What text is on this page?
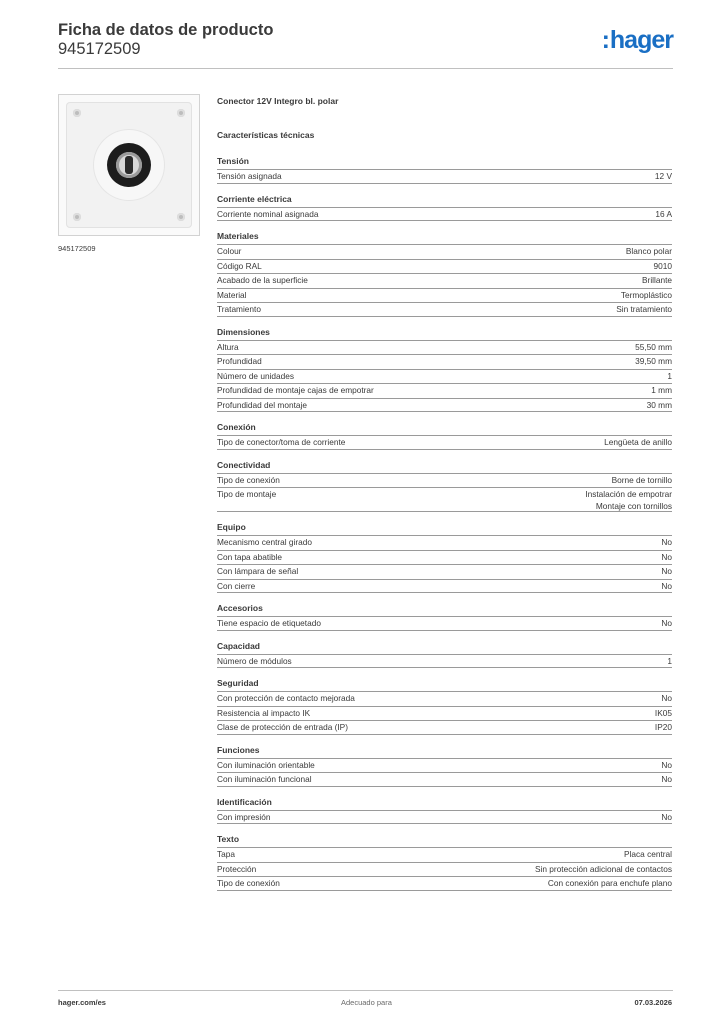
Ficha de datos de producto
945172509	:hager
945172509
Conector 12V Integro bl. polar
Características técnicas
Tensión
Tensión asignada	12 V
Corriente eléctrica
Corriente nominal asignada	16 A
Materiales
Colour	Blanco polar
Código RAL	9010
Acabado de la superficie	Brillante
Material	Termoplástico
Tratamiento	Sin tratamiento
Dimensiones
Altura	55,50 mm
Profundidad	39,50 mm
Número de unidades	1
Profundidad de montaje cajas de empotrar	1 mm
Profundidad del montaje	30 mm
Conexión
Tipo de conector/toma de corriente	Lengüeta de anillo
Conectividad
Tipo de conexión	Borne de tornillo
Tipo de montaje	Instalación de empotrar
Montaje con tornillos
Equipo
Mecanismo central girado	No
Con tapa abatible	No
Con lámpara de señal	No
Con cierre	No
Accesorios
Tiene espacio de etiquetado	No
Capacidad
Número de módulos	1
Seguridad
Con protección de contacto mejorada	No
Resistencia al impacto IK	IK05
Clase de protección de entrada (IP)	IP20
Funciones
Con iluminación orientable	No
Con iluminación funcional	No
Identificación
Con impresión	No
Texto
Tapa	Placa central
Protección	Sin protección adicional de contactos
Tipo de conexión	Con conexión para enchufe plano
hager.com/es	Adecuado para	07.03.2026
